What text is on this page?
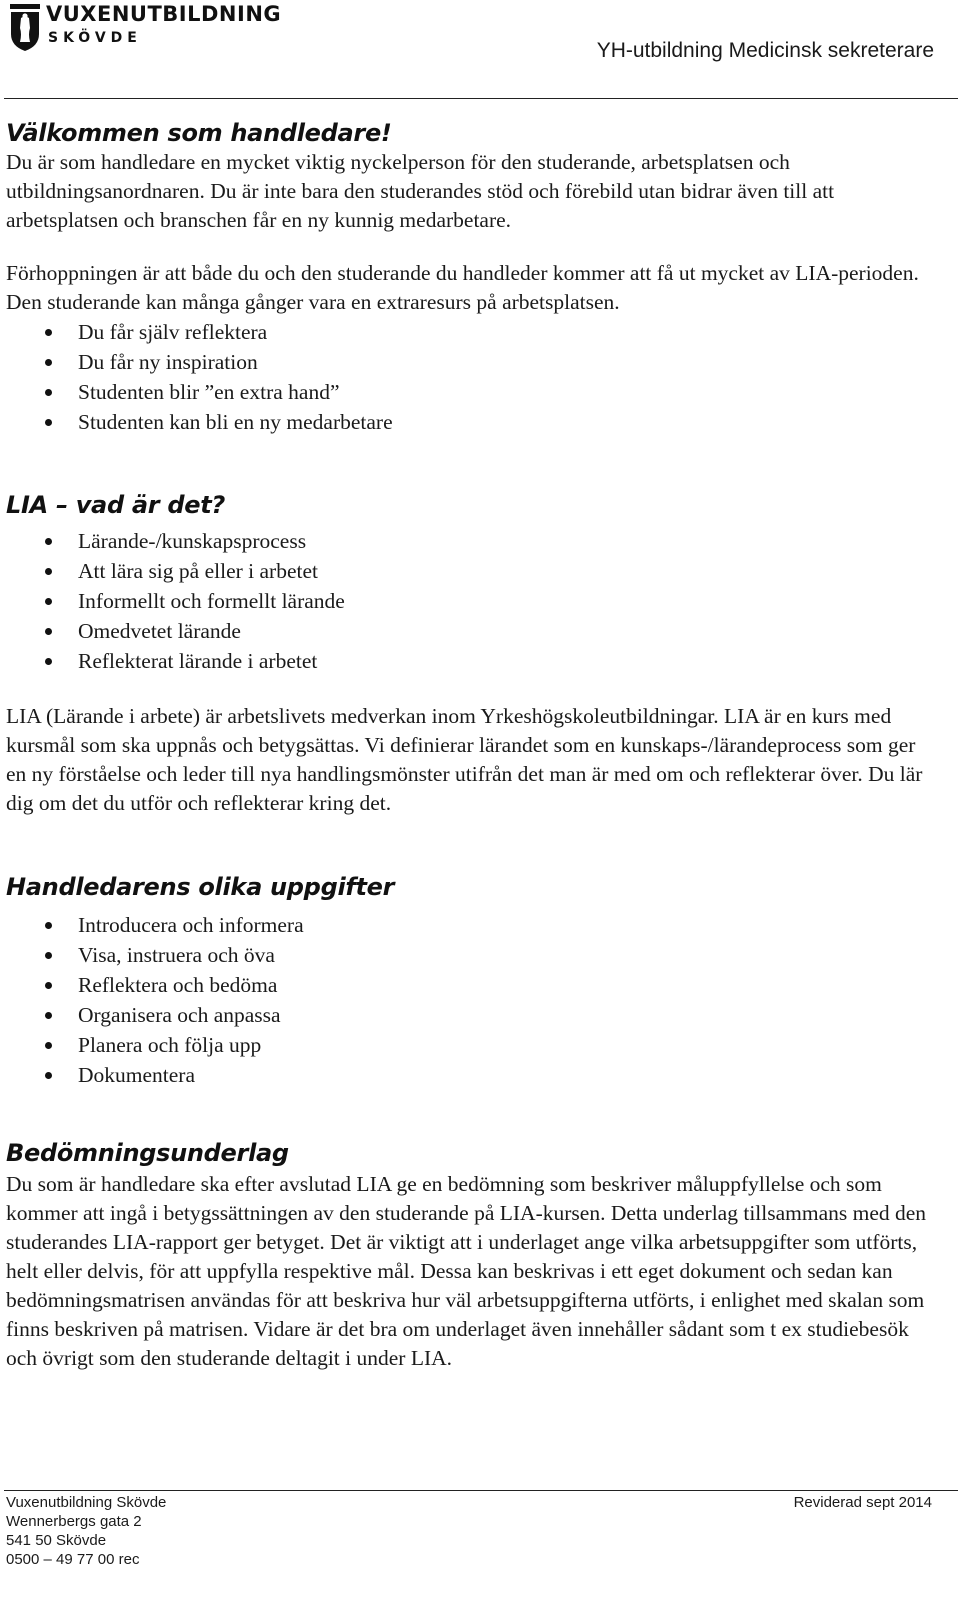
VUXENUTBILDNING
SKÖVDE
YH-utbildning Medicinsk sekreterare
Välkommen som handledare!

Du är som handledare en mycket viktig nyckelperson för den studerande, arbetsplatsen och utbildningsanordnaren. Du är inte bara den studerandes stöd och förebild utan bidrar även till att arbetsplatsen och branschen får en ny kunnig medarbetare.

Förhoppningen är att både du och den studerande du handleder kommer att få ut mycket av LIA-perioden. Den studerande kan många gånger vara en extraresurs på arbetsplatsen.

Du får själv reflektera
Du får ny inspiration
Studenten blir ”en extra hand”
Studenten kan bli en ny medarbetare
LIA – vad är det?
Lärande-/kunskapsprocess
Att lära sig på eller i arbetet
Informellt och formellt lärande
Omedvetet lärande
Reflekterat lärande i arbetet

LIA (Lärande i arbete) är arbetslivets medverkan inom Yrkeshögskoleutbildningar. LIA är en kurs med kursmål som ska uppnås och betygsättas. Vi definierar lärandet som en kunskaps-/lärandeprocess som ger en ny förståelse och leder till nya handlingsmönster utifrån det man är med om och reflekterar över. Du lär dig om det du utför och reflekterar kring det.

Handledarens olika uppgifter
Introducera och informera
Visa, instruera och öva
Reflektera och bedöma
Organisera och anpassa
Planera och följa upp
Dokumentera
Bedömningsunderlag

Du som är handledare ska efter avslutad LIA ge en bedömning som beskriver måluppfyllelse och som kommer att ingå i betygssättningen av den studerande på LIA-kursen. Detta underlag tillsammans med den studerandes LIA-rapport ger betyget. Det är viktigt att i underlaget ange vilka arbetsuppgifter som utförts, helt eller delvis, för att uppfylla respektive mål. Dessa kan beskrivas i ett eget dokument och sedan kan bedömningsmatrisen användas för att beskriva hur väl arbetsuppgifterna utförts, i enlighet med skalan som finns beskriven på matrisen. Vidare är det bra om underlaget även innehåller sådant som t ex studiebesök och övrigt som den studerande deltagit i under LIA.

Vuxenutbildning Skövde
Wennerbergs gata 2
541 50 Skövde
0500 – 49 77 00 rec
Reviderad sept 2014
